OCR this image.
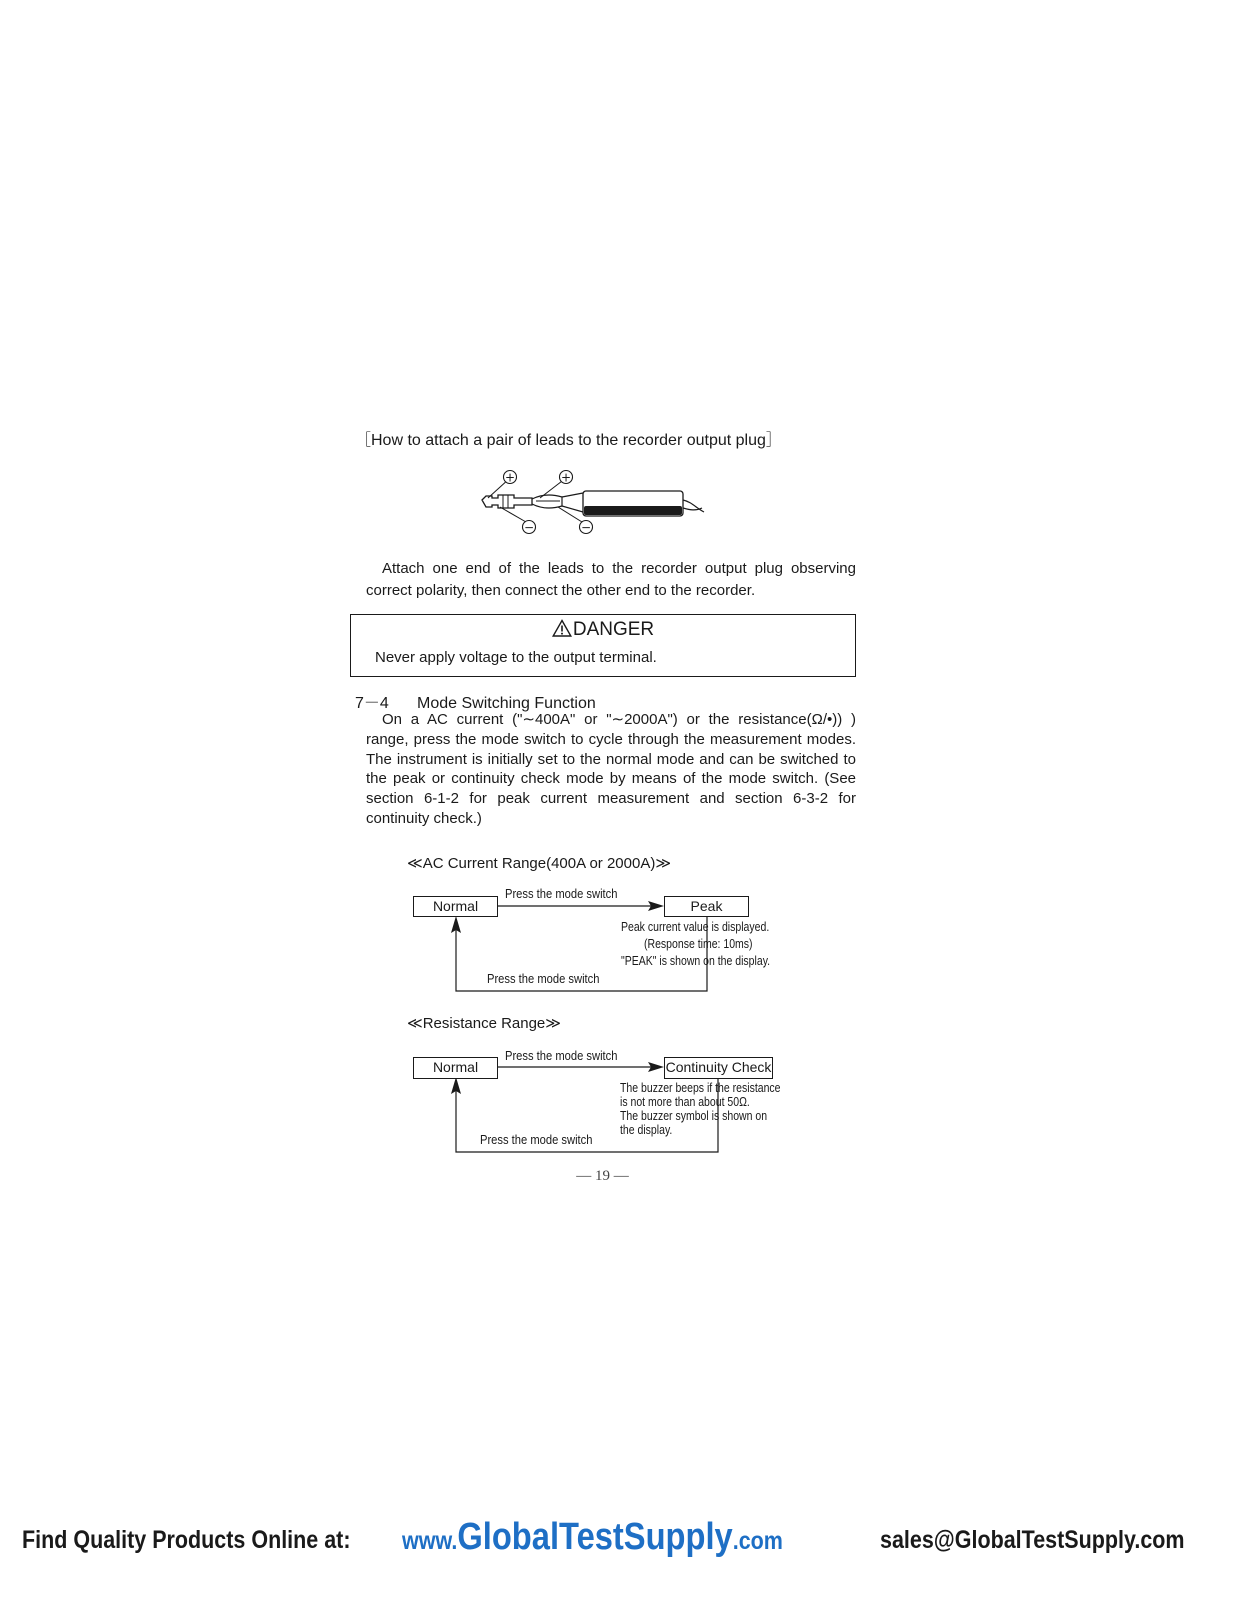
［How to attach a pair of leads to the recorder output plug］
+	+
−	−
Attach one end of the leads to the recorder output plug observing correct polarity, then connect the other end to the recorder.
DANGER
Never apply voltage to the output terminal.
7－4 Mode Switching Function
On a AC current ("∼400A" or "∼2000A") or the resistance(Ω/•)) ) range, press the mode switch to cycle through the measurement modes. The instrument is initially set to the normal mode and can be switched to the peak or continuity check mode by means of the mode switch. (See section 6-1-2 for peak current measurement and section 6-3-2 for continuity check.)
≪AC Current Range(400A or 2000A)≫
Normal	Peak
Press the mode switch
Press the mode switch
Peak current value is displayed.
(Response time: 10ms)
"PEAK" is shown on the display.
≪Resistance Range≫
Normal	Continuity Check
Press the mode switch
Press the mode switch
The buzzer beeps if the resistance
is not more than about 50Ω.
The buzzer symbol is shown on
the display.
― 19 ―
Find Quality Products Online at: www.GlobalTestSupply.com	sales@GlobalTestSupply.com
